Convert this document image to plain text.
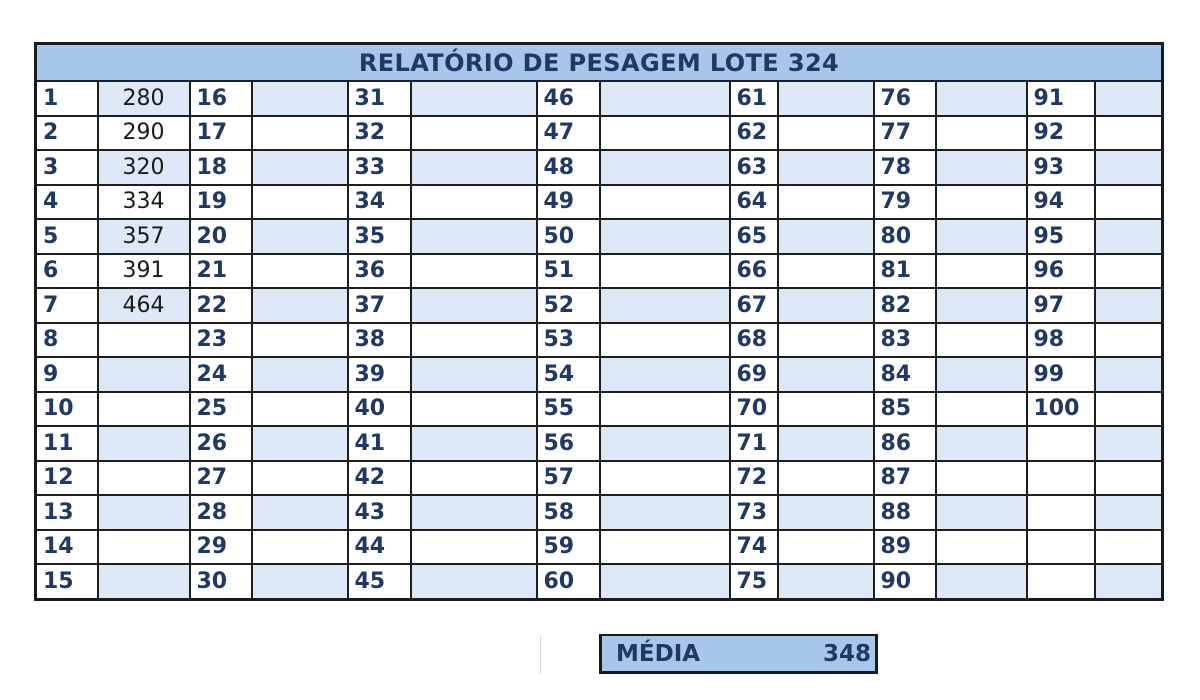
RELATÓRIO DE PESAGEM LOTE 324													
1	280	16		31		46		61		76		91	
2	290	17		32		47		62		77		92	
3	320	18		33		48		63		78		93	
4	334	19		34		49		64		79		94	
5	357	20		35		50		65		80		95	
6	391	21		36		51		66		81		96	
7	464	22		37		52		67		82		97	
8		23		38		53		68		83		98	
9		24		39		54		69		84		99	
10		25		40		55		70		85		100	
11		26		41		56		71		86			
12		27		42		57		72		87			
13		28		43		58		73		88			
14		29		44		59		74		89			
15		30		45		60		75		90			
MÉDIA	348
